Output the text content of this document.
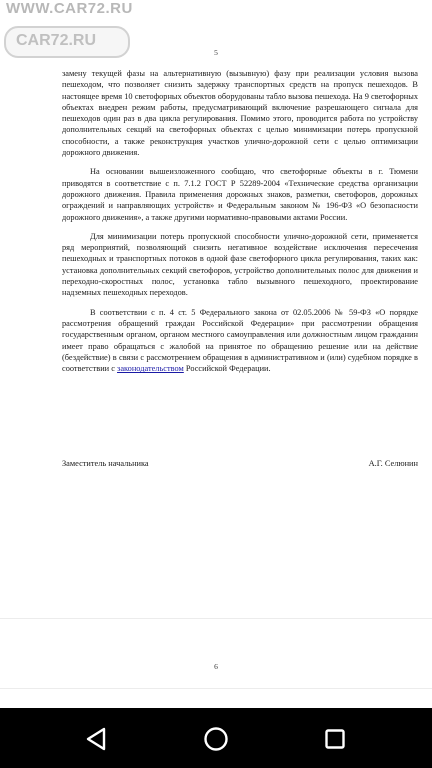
WWW.CAR72.RU
CAR72.RU
5

замену текущей фазы на альтернативную (вызывную) фазу при реализации условия вызова пешеходом, что позволяет снизить задержку транспортных средств на пропуск пешеходов. В настоящее время 10 светофорных объектов оборудованы табло вызова пешехода. На 9 светофорных объектах внедрен режим работы, предусматривающий включение разрешающего сигнала для пешеходов один раз в два цикла регулирования. Помимо этого, проводится работа по устройству дополнительных секций на светофорных объектах с целью минимизации потерь пропускной способности, а также реконструкция участков улично-дорожной сети с целью оптимизации дорожного движения.

На основании вышеизложенного сообщаю, что светофорные объекты в г. Тюмени приводятся в соответствие с п. 7.1.2 ГОСТ Р 52289-2004 «Технические средства организации дорожного движения. Правила применения дорожных знаков, разметки, светофоров, дорожных ограждений и направляющих устройств» и Федеральным законом № 196-ФЗ «О безопасности дорожного движения», а также другими нормативно-правовыми актами России.

Для минимизации потерь пропускной способности улично-дорожной сети, применяется ряд мероприятий, позволяющий снизить негативное воздействие исключения пересечения пешеходных и транспортных потоков в одной фазе светофорного цикла регулирования, таких как: установка дополнительных секций светофоров, устройство дополнительных полос для движения и переходно-скоростных полос, установка табло вызывного пешеходного, проектирование надземных пешеходных переходов.

В соответствии с п. 4 ст. 5 Федерального закона от 02.05.2006 № 59-ФЗ «О порядке рассмотрения обращений граждан Российской Федерации» при рассмотрении обращения государственным органом, органом местного самоуправления или должностным лицом гражданин имеет право обращаться с жалобой на принятое по обращению решение или на действие (бездействие) в связи с рассмотрением обращения в административном и (или) судебном порядке в соответствии с законодательством Российской Федерации.

Заместитель начальника	А.Г. Селюнин
6
